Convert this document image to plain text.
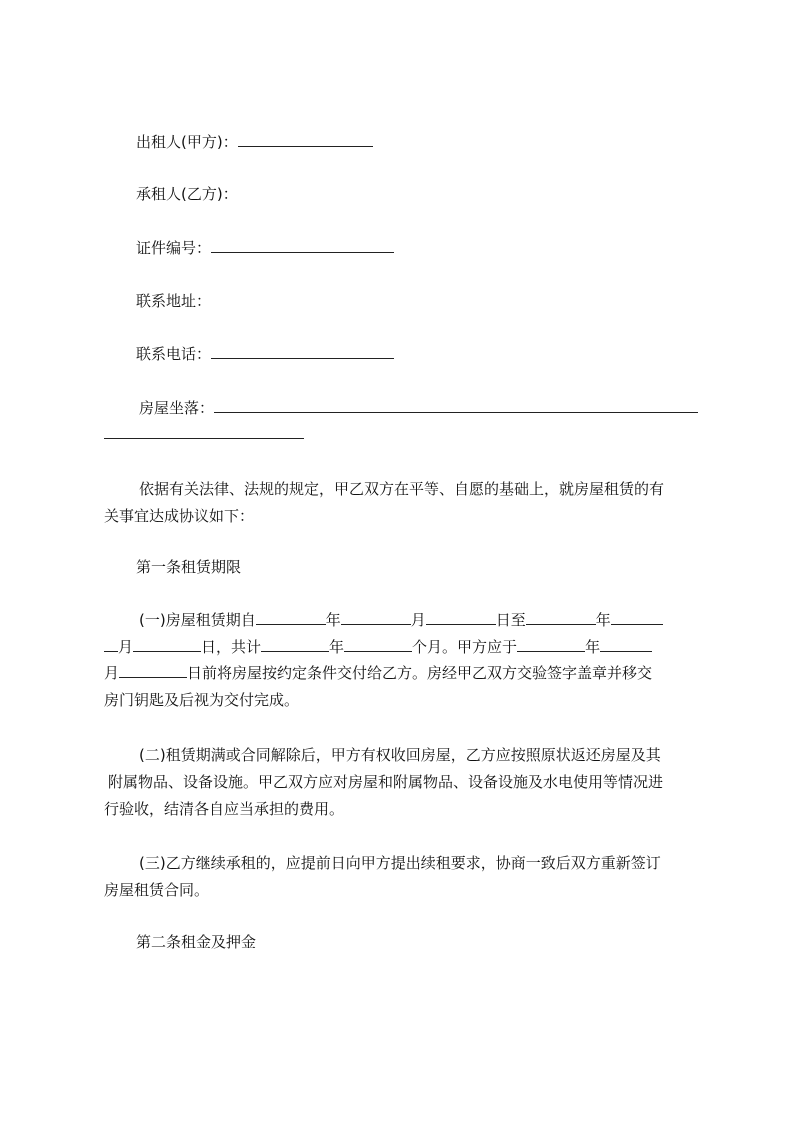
出租人(甲方)：
承租人(乙方)：
证件编号：
联系地址：
联系电话：
房屋坐落：
依据有关法律、法规的规定，甲乙双方在平等、自愿的基础上，就房屋租赁的有
关事宜达成协议如下：
第一条租赁期限
(一)房屋租赁期自	年	月	日至	年
月	日，共计	年	个月。甲方应于	年
月	日前将房屋按约定条件交付给乙方。房经甲乙双方交验签字盖章并移交
房门钥匙及后视为交付完成。
(二)租赁期满或合同解除后，甲方有权收回房屋，乙方应按照原状返还房屋及其
附属物品、设备设施。甲乙双方应对房屋和附属物品、设备设施及水电使用等情况进
行验收，结清各自应当承担的费用。
(三)乙方继续承租的，应提前日向甲方提出续租要求，协商一致后双方重新签订
房屋租赁合同。
第二条租金及押金
